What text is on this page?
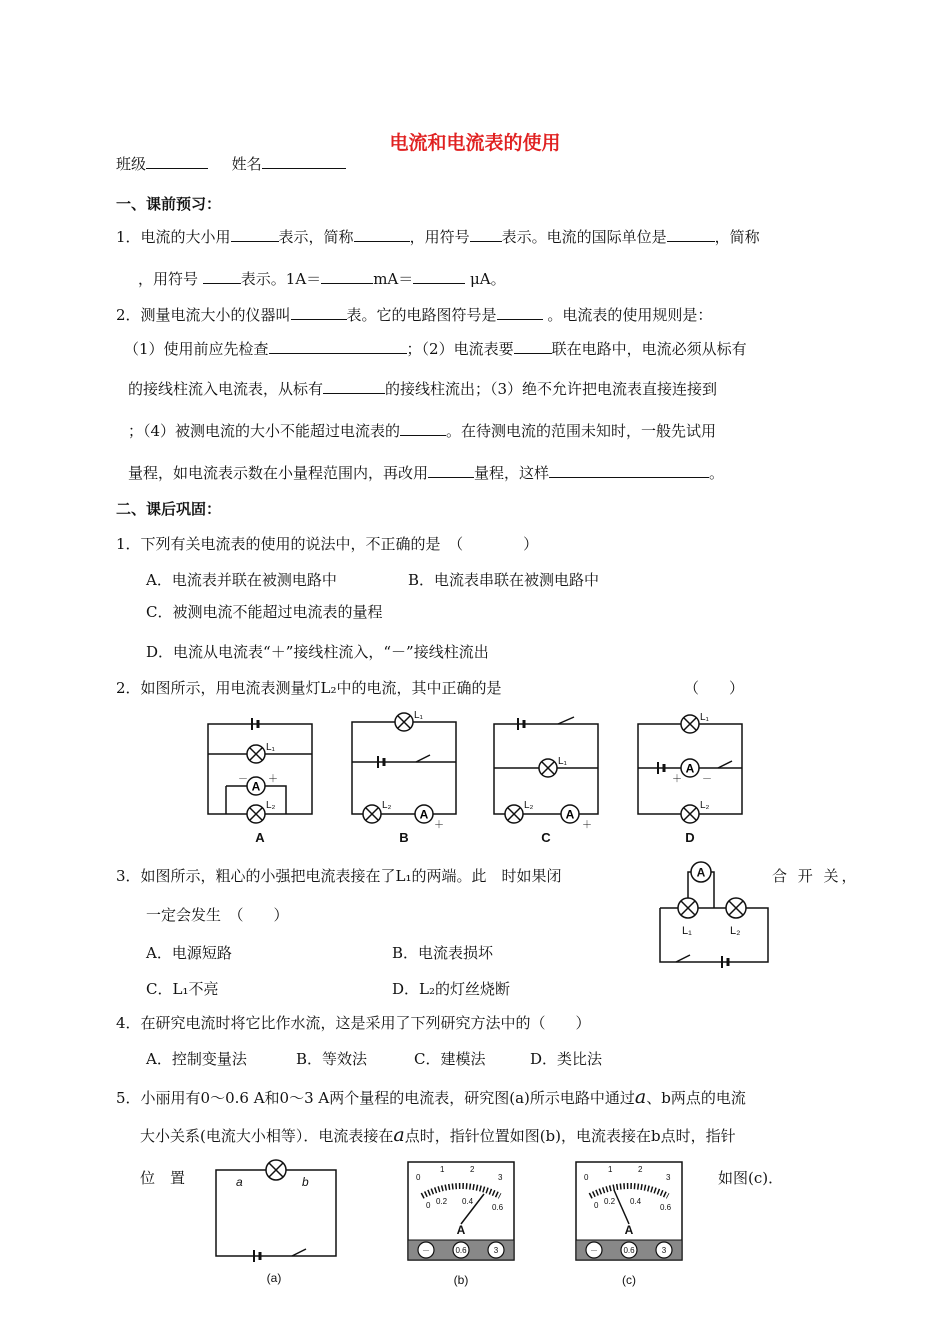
电流和电流表的使用
班级	姓名
一、课前预习：
1．电流的大小用	表示，简称	，用符号 表示。电流的国际单位是	，简称
，用符号	表示。1A＝	mA＝	μA。
2．测量电流大小的仪器叫	表。它的电路图符号是	。电流表的使用规则是：
（1）使用前应先检查	；（2）电流表要	联在电路中，电流必须从标有
的接线柱流入电流表，从标有	的接线柱流出；（3）绝不允许把电流表直接连接到
；（4）被测电流的大小不能超过电流表的	。在待测电流的范围未知时，一般先试用
量程，如电流表示数在小量程范围内，再改用	量程，这样	。
二、课后巩固：
1．下列有关电流表的使用的说法中，不正确的是　 （　　　　）
A．电流表并联在被测电路中	B．电流表串联在被测电路中
C．被测电流不能超过电流表的量程
D．电流从电流表“＋”接线柱流入，“－”接线柱流出
2．如图所示，用电流表测量灯L₂中的电流，其中正确的是	（　　）
A
L₁
－ ＋
L₂
L₁
L₂
＋
L₁
L₂
＋
L₁
＋ －
L₂
A	B	C	D
3．如图所示，粗心的小强把电流表接在了L₁的两端。此　时如果闭	合 开 关，
一定会发生　（　　）
A．电源短路	B．电流表损坏
C．L₁不亮	D．L₂的灯丝烧断
A
L₁	L₂
4．在研究电流时将它比作水流，这是采用了下列研究方法中的（　　）
A．控制变量法	B．等效法	C．建模法	D．类比法
5．小丽用有0～0.6 A和0～3 A两个量程的电流表，研究图(a)所示电路中通过a、b两点的电流
大小关系(电流大小相等）．电流表接在a点时，指针位置如图(b)，电流表接在b点时，指针
位　置	如图(c)．
a	b
(a)
0
1	2
3
0 0.2 0.4
0.6
A
－	0.6	3
(b)
0
1	2
3
0 0.2 0.4
0.6
A
－	0.6	3
(c)
